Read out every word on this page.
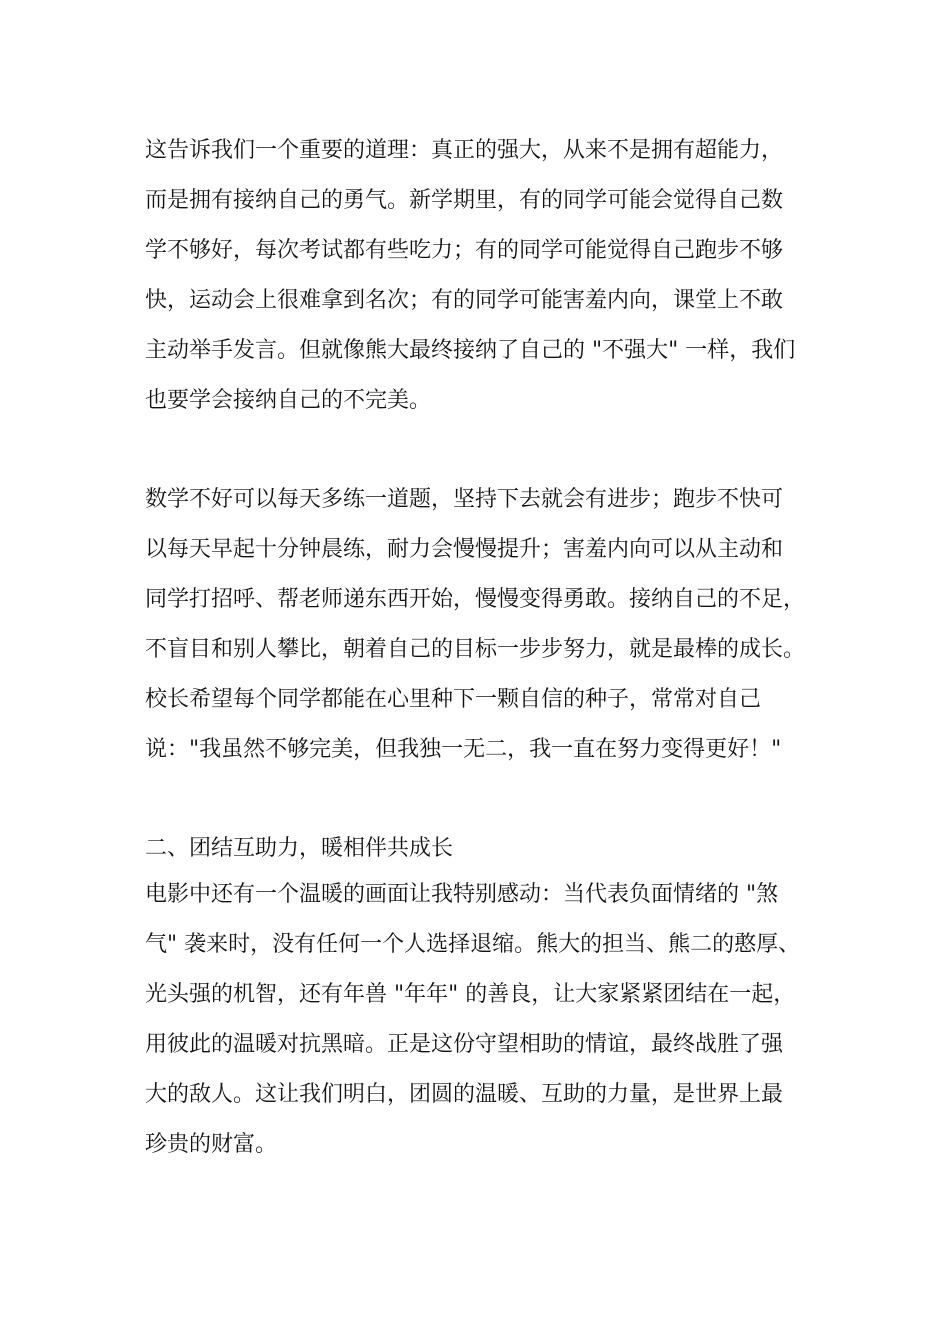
这告诉我们一个重要的道理：真正的强大，从来不是拥有超能力，

而是拥有接纳自己的勇气。新学期里，有的同学可能会觉得自己数

学不够好，每次考试都有些吃力；有的同学可能觉得自己跑步不够

快，运动会上很难拿到名次；有的同学可能害羞内向，课堂上不敢

主动举手发言。但就像熊大最终接纳了自己的 "不强大" 一样，我们

也要学会接纳自己的不完美。

数学不好可以每天多练一道题，坚持下去就会有进步；跑步不快可

以每天早起十分钟晨练，耐力会慢慢提升；害羞内向可以从主动和

同学打招呼、帮老师递东西开始，慢慢变得勇敢。接纳自己的不足，

不盲目和别人攀比，朝着自己的目标一步步努力，就是最棒的成长。

校长希望每个同学都能在心里种下一颗自信的种子，常常对自己

说："我虽然不够完美，但我独一无二，我一直在努力变得更好！"

二、团结互助力，暖相伴共成长

电影中还有一个温暖的画面让我特别感动：当代表负面情绪的 "煞

气" 袭来时，没有任何一个人选择退缩。熊大的担当、熊二的憨厚、

光头强的机智，还有年兽 "年年" 的善良，让大家紧紧团结在一起，

用彼此的温暖对抗黑暗。正是这份守望相助的情谊，最终战胜了强

大的敌人。这让我们明白，团圆的温暖、互助的力量，是世界上最

珍贵的财富。
